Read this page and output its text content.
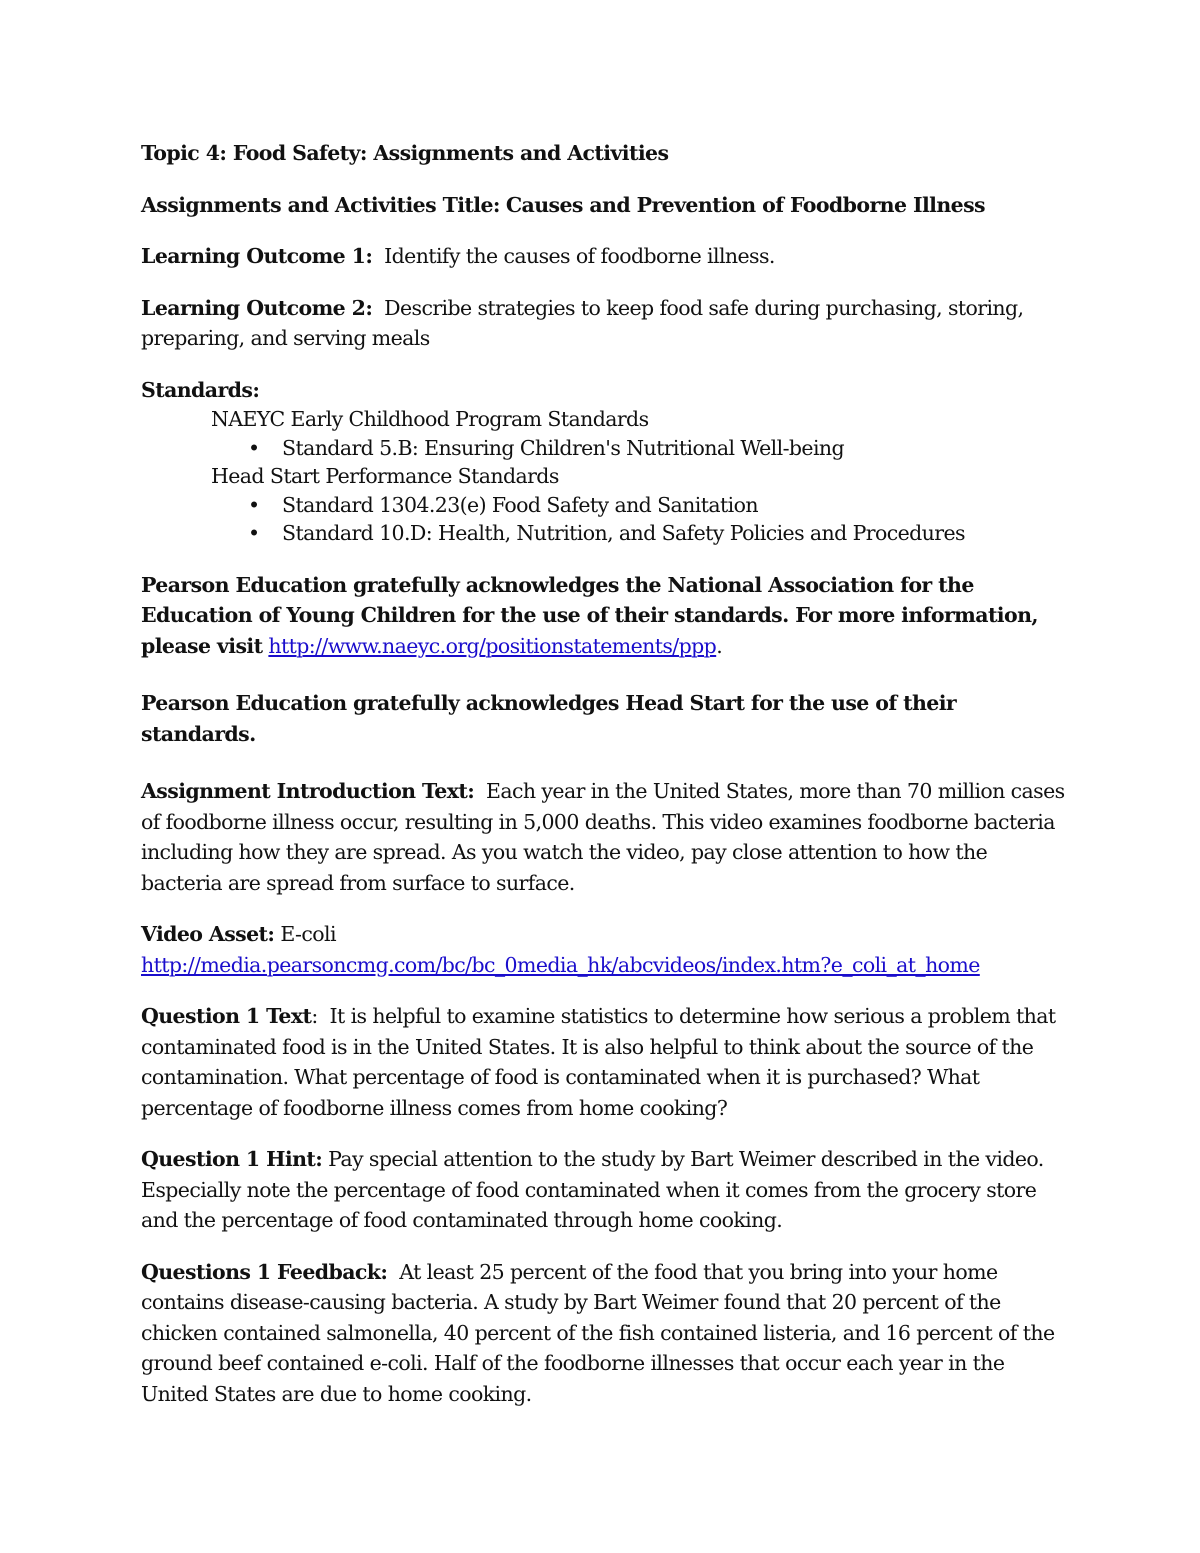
Topic 4: Food Safety: Assignments and Activities

Assignments and Activities Title: Causes and Prevention of Foodborne Illness

Learning Outcome 1: Identify the causes of foodborne illness.

Learning Outcome 2: Describe strategies to keep food safe during purchasing, storing, preparing, and serving meals

Standards:

NAEYC Early Childhood Program Standards

• Standard 5.B: Ensuring Children's Nutritional Well-being

Head Start Performance Standards

• Standard 1304.23(e) Food Safety and Sanitation
• Standard 10.D: Health, Nutrition, and Safety Policies and Procedures

Pearson Education gratefully acknowledges the National Association for the Education of Young Children for the use of their standards. For more information, please visit http://www.naeyc.org/positionstatements/ppp.

Pearson Education gratefully acknowledges Head Start for the use of their standards.

Assignment Introduction Text: Each year in the United States, more than 70 million cases of foodborne illness occur, resulting in 5,000 deaths. This video examines foodborne bacteria including how they are spread. As you watch the video, pay close attention to how the bacteria are spread from surface to surface.

Video Asset: E-coli
http://media.pearsoncmg.com/bc/bc_0media_hk/abcvideos/index.htm?e_coli_at_home

Question 1 Text: It is helpful to examine statistics to determine how serious a problem that contaminated food is in the United States. It is also helpful to think about the source of the contamination. What percentage of food is contaminated when it is purchased? What percentage of foodborne illness comes from home cooking?

Question 1 Hint: Pay special attention to the study by Bart Weimer described in the video. Especially note the percentage of food contaminated when it comes from the grocery store and the percentage of food contaminated through home cooking.

Questions 1 Feedback: At least 25 percent of the food that you bring into your home contains disease-causing bacteria. A study by Bart Weimer found that 20 percent of the chicken contained salmonella, 40 percent of the fish contained listeria, and 16 percent of the ground beef contained e-coli. Half of the foodborne illnesses that occur each year in the United States are due to home cooking.
